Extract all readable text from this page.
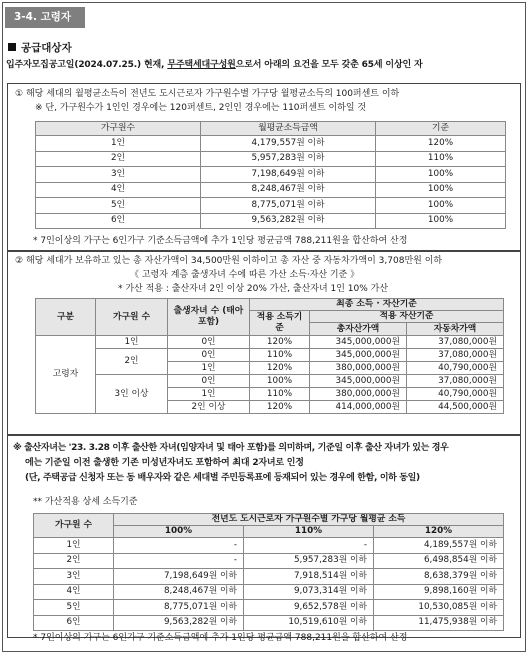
3-4. 고령자
공급대상자
입주자모집공고일(2024.07.25.) 현재, 무주택세대구성원으로서 아래의 요건을 모두 갖춘 65세 이상인 자
① 해당 세대의 월평균소득이 전년도 도시근로자 가구원수별 가구당 월평균소득의 100퍼센트 이하
※ 단, 가구원수가 1인인 경우에는 120퍼센트, 2인인 경우에는 110퍼센트 이하일 것
가구원수	월평균소득금액	기준
1인	4,179,557원 이하	120%
2인	5,957,283원 이하	110%
3인	7,198,649원 이하	100%
4인	8,248,467원 이하	100%
5인	8,775,071원 이하	100%
6인	9,563,282원 이하	100%
* 7인이상의 가구는 6인가구 기준소득금액에 추가 1인당 평균금액 788,211원을 합산하여 산정
② 해당 세대가 보유하고 있는 총 자산가액이 34,500만원 이하이고 총 자산 중 자동차가액이 3,708만원 이하
《 고령자 계층 출생자녀 수에 따른 가산 소득·자산 기준 》
* 가산 적용 : 출산자녀 2인 이상 20% 가산, 출산자녀 1인 10% 가산
구분	가구원 수	출생자녀 수 (태아포함)	최종 소득 · 자산기준		
			적용 소득기준	적용 자산기준	
				총자산가액	자동차가액
고령자	1인	0인	120%	345,000,000원	37,080,000원
	2인	0인	110%	345,000,000원	37,080,000원
		1인	120%	380,000,000원	40,790,000원
	3인 이상	0인	100%	345,000,000원	37,080,000원
		1인	110%	380,000,000원	40,790,000원
		2인 이상	120%	414,000,000원	44,500,000원
※ 출산자녀는 '23. 3.28 이후 출산한 자녀(임양자녀 및 태아 포함)를 의미하며, 기준일 이후 출산 자녀가 있는 경우
에는 기준일 이전 출생한 기존 미성년자녀도 포함하여 최대 2자녀로 인정
(단, 주택공급 신청자 또는 동 배우자와 같은 세대별 주민등록표에 등재되어 있는 경우에 한함, 이하 동일)
** 가산적용 상세 소득기준
가구원 수	전년도 도시근로자 가구원수별 가구당 월평균 소득		
	100%	110%	120%
1인	-	-	4,189,557원 이하
2인	-	5,957,283원 이하	6,498,854원 이하
3인	7,198,649원 이하	7,918,514원 이하	8,638,379원 이하
4인	8,248,467원 이하	9,073,314원 이하	9,898,160원 이하
5인	8,775,071원 이하	9,652,578원 이하	10,530,085원 이하
6인	9,563,282원 이하	10,519,610원 이하	11,475,938원 이하
* 7인이상의 가구는 6인가구 기준소득금액에 추가 1인당 평균금액 788,211원을 합산하여 산정
